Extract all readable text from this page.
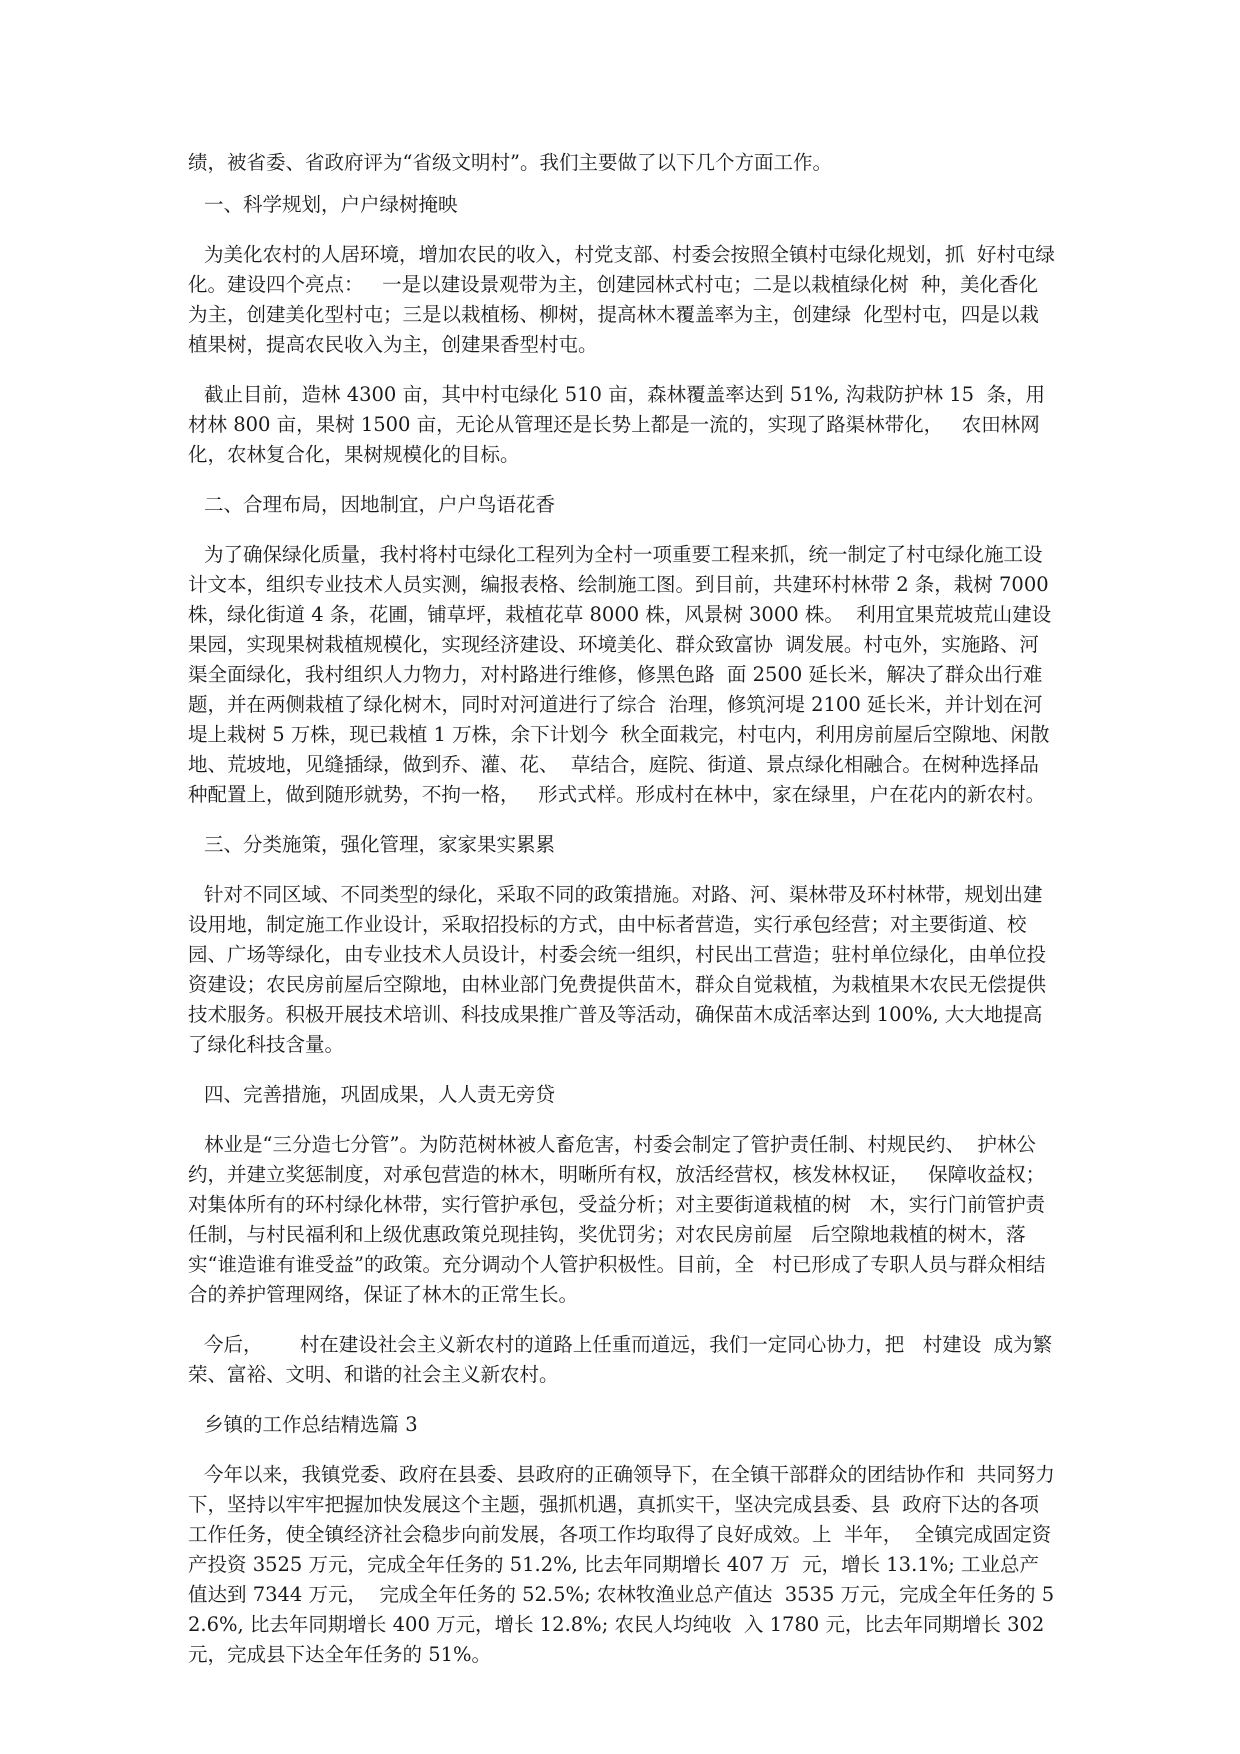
绩，被省委、省政府评为“省级文明村”。我们主要做了以下几个方面工作。

一、科学规划，户户绿树掩映

为美化农村的人居环境，增加农民的收入，村党支部、村委会按照全镇村屯绿化规划，抓  好村屯绿化。建设四个亮点：   一是以建设景观带为主，创建园林式村屯；二是以栽植绿化树  种，美化香化为主，创建美化型村屯；三是以栽植杨、柳树，提高林木覆盖率为主，创建绿  化型村屯，四是以栽植果树，提高农民收入为主，创建果香型村屯。

截止目前，造林 4300 亩，其中村屯绿化 510 亩，森林覆盖率达到 51%, 沟栽防护林 15  条，用材林 800 亩，果树 1500 亩，无论从管理还是长势上都是一流的，实现了路渠林带化，   农田林网化，农林复合化，果树规模化的目标。

二、合理布局，因地制宜，户户鸟语花香

为了确保绿化质量，我村将村屯绿化工程列为全村一项重要工程来抓，统一制定了村屯绿化施工设计文本，组织专业技术人员实测，编报表格、绘制施工图。到目前，共建环村林带 2 条，栽树 7000 株，绿化街道 4 条，花圃，铺草坪，栽植花草 8000 株，风景树 3000 株。  利用宜果荒坡荒山建设果园，实现果树栽植规模化，实现经济建设、环境美化、群众致富协  调发展。村屯外，实施路、河渠全面绿化，我村组织人力物力，对村路进行维修，修黑色路  面 2500 延长米，解决了群众出行难题，并在两侧栽植了绿化树木，同时对河道进行了综合  治理，修筑河堤 2100 延长米，并计划在河堤上栽树 5 万株，现已栽植 1 万株，余下计划今  秋全面栽完，村屯内，利用房前屋后空隙地、闲散地、荒坡地，见缝插绿，做到乔、灌、花、  草结合，庭院、街道、景点绿化相融合。在树种选择品种配置上，做到随形就势，不拘一格，   形式式样。形成村在林中，家在绿里，户在花内的新农村。

三、分类施策，强化管理，家家果实累累

针对不同区域、不同类型的绿化，采取不同的政策措施。对路、河、渠林带及环村林带，规划出建设用地，制定施工作业设计，采取招投标的方式，由中标者营造，实行承包经营；对主要街道、校园、广场等绿化，由专业技术人员设计，村委会统一组织，村民出工营造；驻村单位绿化，由单位投资建设；农民房前屋后空隙地，由林业部门免费提供苗木，群众自觉栽植，为栽植果木农民无偿提供技术服务。积极开展技术培训、科技成果推广普及等活动，确保苗木成活率达到 100%, 大大地提高了绿化科技含量。

四、完善措施，巩固成果，人人责无旁贷

林业是“三分造七分管”。为防范树林被人畜危害，村委会制定了管护责任制、村规民约、  护林公约，并建立奖惩制度，对承包营造的林木，明晰所有权，放活经营权，核发林权证，   保障收益权；对集体所有的环村绿化林带，实行管护承包，受益分析；对主要街道栽植的树   木，实行门前管护责任制，与村民福利和上级优惠政策兑现挂钩，奖优罚劣；对农民房前屋   后空隙地栽植的树木，落实“谁造谁有谁受益”的政策。充分调动个人管护积极性。目前，全   村已形成了专职人员与群众相结合的养护管理网络，保证了林木的正常生长。

今后，      村在建设社会主义新农村的道路上任重而道远，我们一定同心协力，把   村建设  成为繁荣、富裕、文明、和谐的社会主义新农村。

乡镇的工作总结精选篇 3

今年以来，我镇党委、政府在县委、县政府的正确领导下，在全镇干部群众的团结协作和  共同努力下，坚持以牢牢把握加快发展这个主题，强抓机遇，真抓实干，坚决完成县委、县  政府下达的各项工作任务，使全镇经济社会稳步向前发展，各项工作均取得了良好成效。上  半年，  全镇完成固定资产投资 3525 万元，完成全年任务的 51.2%, 比去年同期增长 407 万  元，增长 13.1%; 工业总产值达到 7344 万元，  完成全年任务的 52.5%; 农林牧渔业总产值达  3535 万元，完成全年任务的 52.6%, 比去年同期增长 400 万元，增长 12.8%; 农民人均纯收  入 1780 元，比去年同期增长 302 元，完成县下达全年任务的 51%。
